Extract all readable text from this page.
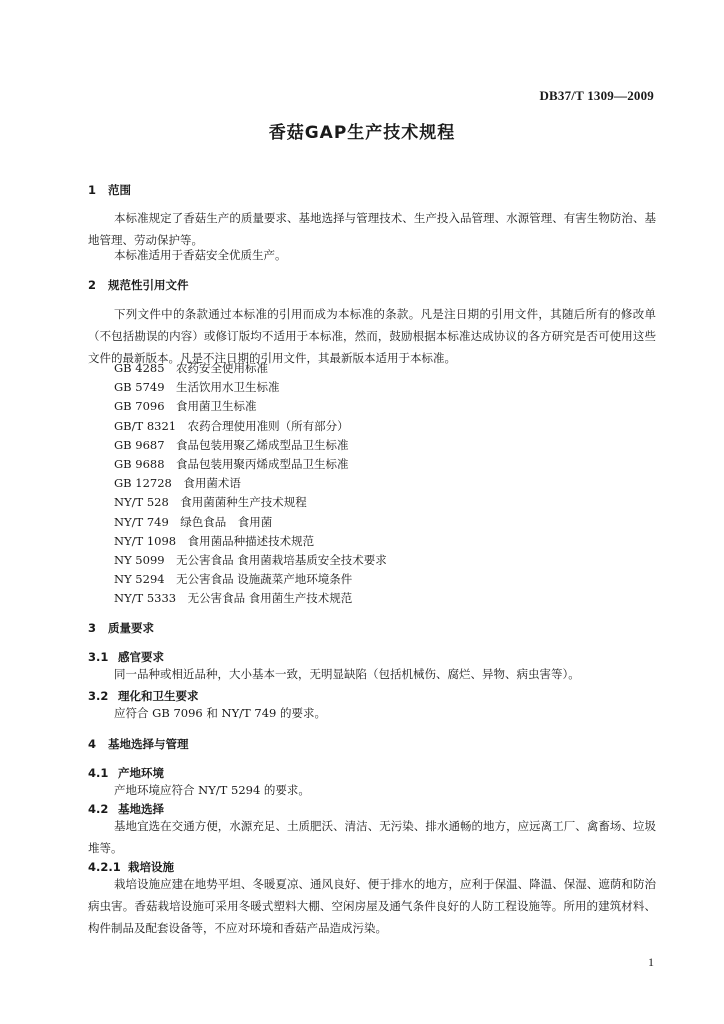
DB37/T 1309—2009
香菇GAP生产技术规程
1 范围
本标准规定了香菇生产的质量要求、基地选择与管理技术、生产投入品管理、水源管理、有害生物防治、基地管理、劳动保护等。
本标准适用于香菇安全优质生产。
2 规范性引用文件
下列文件中的条款通过本标准的引用而成为本标准的条款。凡是注日期的引用文件，其随后所有的修改单（不包括勘误的内容）或修订版均不适用于本标准，然而，鼓励根据本标准达成协议的各方研究是否可使用这些文件的最新版本。凡是不注日期的引用文件，其最新版本适用于本标准。
GB 4285　农药安全使用标准
GB 5749　生活饮用水卫生标准
GB 7096　食用菌卫生标准
GB/T 8321　农药合理使用准则（所有部分）
GB 9687　食品包装用聚乙烯成型品卫生标准
GB 9688　食品包装用聚丙烯成型品卫生标准
GB 12728　食用菌术语
NY/T 528　食用菌菌种生产技术规程
NY/T 749　绿色食品　食用菌
NY/T 1098　食用菌品种描述技术规范
NY 5099　无公害食品 食用菌栽培基质安全技术要求
NY 5294　无公害食品 设施蔬菜产地环境条件
NY/T 5333　无公害食品 食用菌生产技术规范
3 质量要求
3.1 感官要求
同一品种或相近品种，大小基本一致，无明显缺陷（包括机械伤、腐烂、异物、病虫害等）。
3.2 理化和卫生要求
应符合 GB 7096 和 NY/T 749 的要求。
4 基地选择与管理
4.1 产地环境
产地环境应符合 NY/T 5294 的要求。
4.2 基地选择
基地宜选在交通方便，水源充足、土质肥沃、清洁、无污染、排水通畅的地方，应远离工厂、禽畜场、垃圾堆等。
4.2.1 栽培设施
栽培设施应建在地势平坦、冬暖夏凉、通风良好、便于排水的地方，应利于保温、降温、保湿、遮荫和防治病虫害。香菇栽培设施可采用冬暖式塑料大棚、空闲房屋及通气条件良好的人防工程设施等。所用的建筑材料、构件制品及配套设备等，不应对环境和香菇产品造成污染。
1
